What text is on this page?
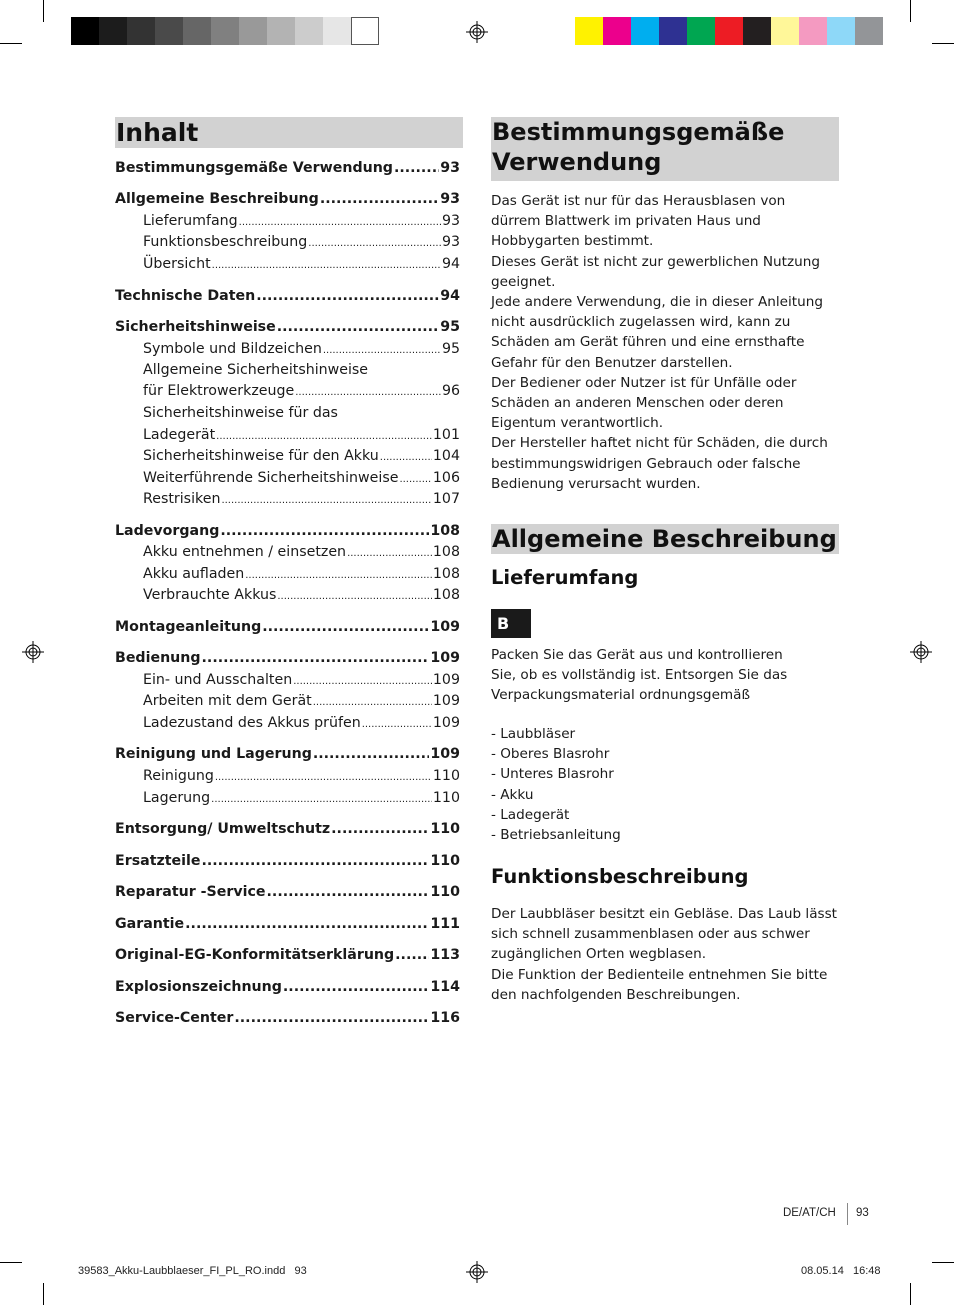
Inhalt
Bestimmungsgemäße Verwendung .....	93
Allgemeine Beschreibung .....	93
Lieferumfang .....	93
Funktionsbeschreibung .....	93
Übersicht .....	94
Technische Daten .....	94
Sicherheitshinweise .....	95
Symbole und Bildzeichen .....	95
Allgemeine Sicherheitshinweise
für Elektrowerkzeuge .....	96
Sicherheitshinweise für das
Ladegerät .....	101
Sicherheitshinweise für den Akku .....	104
Weiterführende Sicherheitshinweise ..... 106
Restrisiken .....	107
Ladevorgang .....	108
Akku entnehmen / einsetzen .....	108
Akku aufladen .....	108
Verbrauchte Akkus .....	108
Montageanleitung .....	109
Bedienung .....	109
Ein- und Ausschalten .....	109
Arbeiten mit dem Gerät .....	109
Ladezustand des Akkus prüfen .....	109
Reinigung und Lagerung .....	109
Reinigung .....	110
Lagerung .....	110
Entsorgung/ Umweltschutz .....	110
Ersatzteile .....	110
Reparatur -Service .....	110
Garantie .....	111
Original-EG-Konformitätserklärung .....	113
Explosionszeichnung .....	114
Service-Center .....	116
Bestimmungsgemäße
Verwendung
Das Gerät ist nur für das Herausblasen von
dürrem Blattwerk im privaten Haus und
Hobbygarten bestimmt.
Dieses Gerät ist nicht zur gewerblichen Nutzung
geeignet.
Jede andere Verwendung, die in dieser Anleitung
nicht ausdrücklich zugelassen wird, kann zu
Schäden am Gerät führen und eine ernsthafte
Gefahr für den Benutzer darstellen.
Der Bediener oder Nutzer ist für Unfälle oder
Schäden an anderen Menschen oder deren
Eigentum verantwortlich.
Der Hersteller haftet nicht für Schäden, die durch
bestimmungswidrigen Gebrauch oder falsche
Bedienung verursacht wurden.
Allgemeine Beschreibung
Lieferumfang
B
Packen Sie das Gerät aus und kontrollieren
Sie, ob es vollständig ist. Entsorgen Sie das
Verpackungsmaterial ordnungsgemäß
- Laubbläser
- Oberes Blasrohr
- Unteres Blasrohr
- Akku
- Ladegerät
- Betriebsanleitung
Funktionsbeschreibung
Der Laubbläser besitzt ein Gebläse. Das Laub lässt
sich schnell zusammenblasen oder aus schwer
zugänglichen Orten wegblasen.
Die Funktion der Bedienteile entnehmen Sie bitte
den nachfolgenden Beschreibungen.
DE/AT/CH 93
39583_Akku-Laubblaeser_FI_PL_RO.indd   93	08.05.14   16:48
